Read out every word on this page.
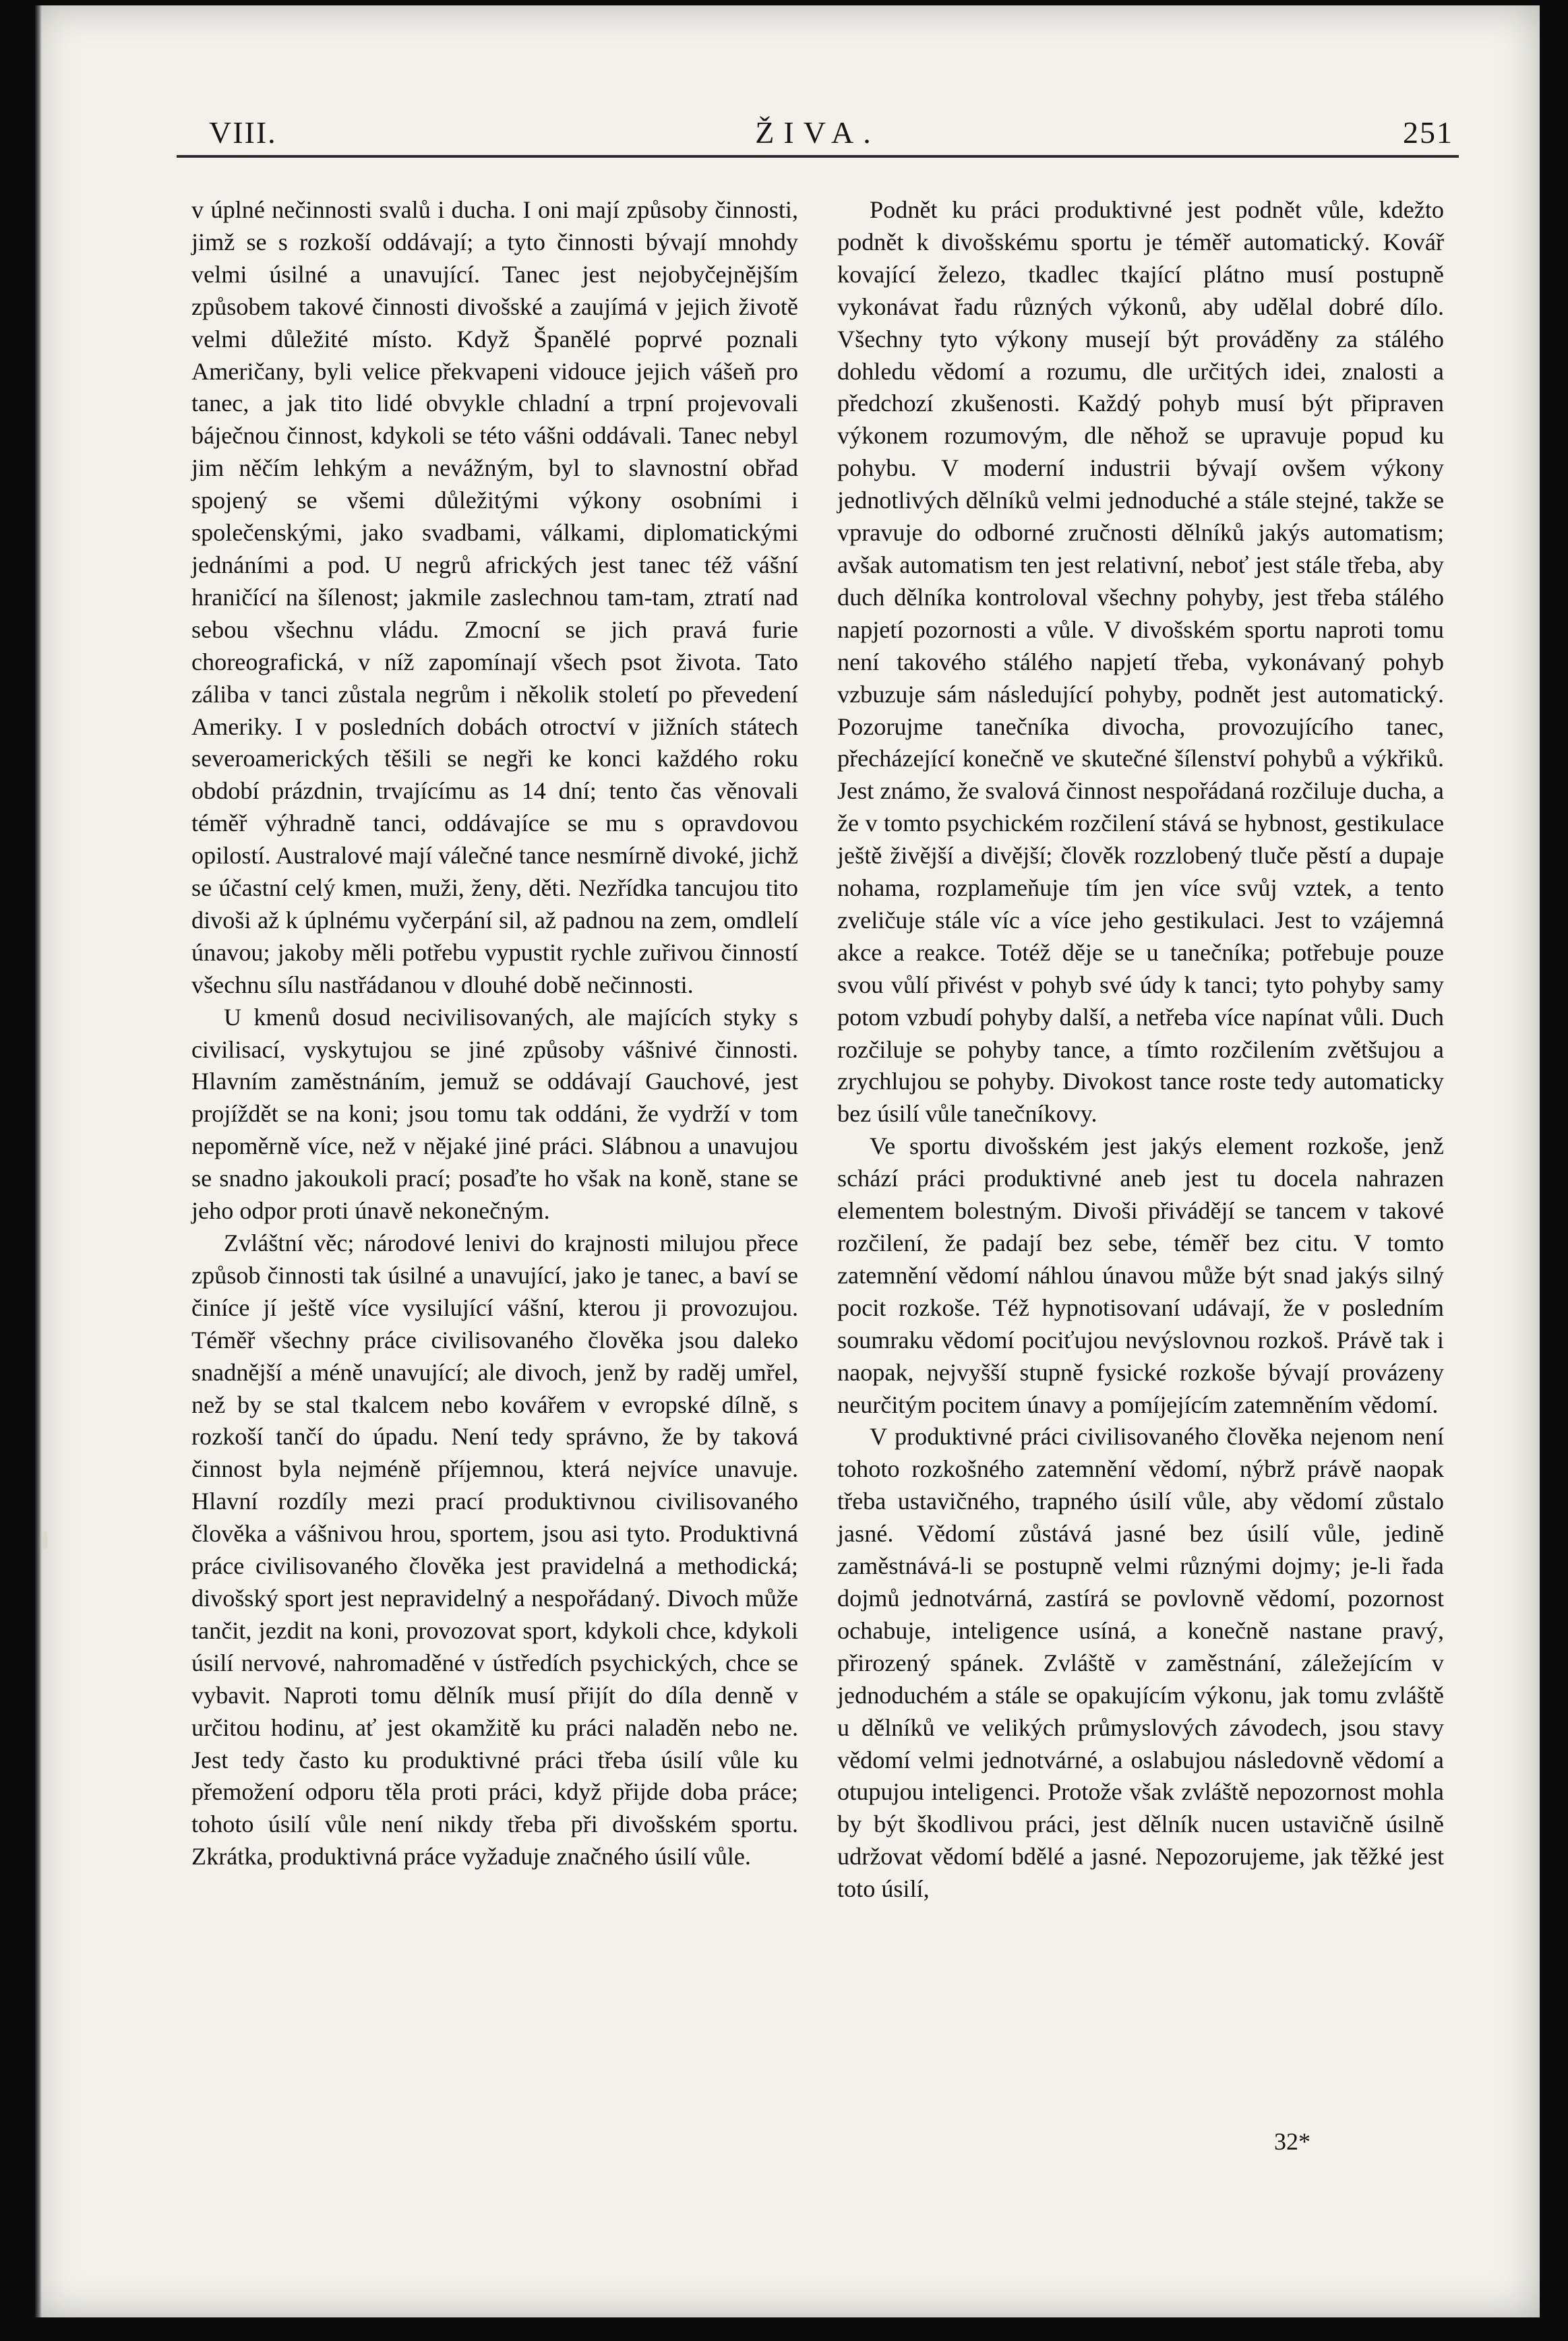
VIII.	ŽIVA.	251

v úplné nečinnosti svalů i ducha. I oni mají způsoby činnosti, jimž se s rozkoší oddávají; a tyto činnosti bývají mnohdy velmi úsilné a unavující. Tanec jest nejobyčejnějším způsobem takové činnosti divošské a zaujímá v jejich životě velmi důležité místo. Když Španělé poprvé poznali Američany, byli velice překvapeni vidouce jejich vášeň pro tanec, a jak tito lidé obvykle chladní a trpní projevovali báječnou činnost, kdykoli se této vášni oddávali. Tanec nebyl jim něčím lehkým a nevážným, byl to slavnostní obřad spojený se všemi důležitými výkony osobními i společenskými, jako svadbami, válkami, diplomatickými jednáními a pod. U negrů afrických jest tanec též vášní hraničící na šílenost; jakmile zaslechnou tam-tam, ztratí nad sebou všechnu vládu. Zmocní se jich pravá furie choreografická, v níž zapomínají všech psot života. Tato záliba v tanci zůstala negrům i několik století po převedení Ameriky. I v posledních dobách otroctví v jižních státech severoamerických těšili se negři ke konci každého roku období prázdnin, trvajícímu as 14 dní; tento čas věnovali téměř výhradně tanci, oddávajíce se mu s opravdovou opilostí. Australové mají válečné tance nesmírně divoké, jichž se účastní celý kmen, muži, ženy, děti. Nezřídka tancujou tito divoši až k úplnému vyčerpání sil, až padnou na zem, omdlelí únavou; jakoby měli potřebu vypustit rychle zuřivou činností všechnu sílu nastřádanou v dlouhé době nečinnosti.

U kmenů dosud necivilisovaných, ale majících styky s civilisací, vyskytujou se jiné způsoby vášnivé činnosti. Hlavním zaměstnáním, jemuž se oddávají Gauchové, jest projíždět se na koni; jsou tomu tak oddáni, že vydrží v tom nepoměrně více, než v nějaké jiné práci. Slábnou a unavujou se snadno jakoukoli prací; posaďte ho však na koně, stane se jeho odpor proti únavě nekonečným.

Zvláštní věc; národové lenivi do krajnosti milujou přece způsob činnosti tak úsilné a unavující, jako je tanec, a baví se činíce jí ještě více vysilující vášní, kterou ji provozujou. Téměř všechny práce civilisovaného člověka jsou daleko snadnější a méně unavující; ale divoch, jenž by raděj umřel, než by se stal tkalcem nebo kovářem v evropské dílně, s rozkoší tančí do úpadu. Není tedy správno, že by taková činnost byla nejméně příjemnou, která nejvíce unavuje. Hlavní rozdíly mezi prací produktivnou civilisovaného člověka a vášnivou hrou, sportem, jsou asi tyto. Produktivná práce civilisovaného člověka jest pravidelná a methodická; divošský sport jest nepravidelný a nespořádaný. Divoch může tančit, jezdit na koni, provozovat sport, kdykoli chce, kdykoli úsilí nervové, nahromaděné v ústředích psychických, chce se vybavit. Naproti tomu dělník musí přijít do díla denně v určitou hodinu, ať jest okamžitě ku práci naladěn nebo ne. Jest tedy často ku produktivné práci třeba úsilí vůle ku přemožení odporu těla proti práci, když přijde doba práce; tohoto úsilí vůle není nikdy třeba při divošském sportu. Zkrátka, produktivná práce vyžaduje značného úsilí vůle.

Podnět ku práci produktivné jest podnět vůle, kdežto podnět k divošskému sportu je téměř automatický. Kovář kovající železo, tkadlec tkající plátno musí postupně vykonávat řadu různých výkonů, aby udělal dobré dílo. Všechny tyto výkony musejí být prováděny za stálého dohledu vědomí a rozumu, dle určitých idei, znalosti a předchozí zkušenosti. Každý pohyb musí být připraven výkonem rozumovým, dle něhož se upravuje popud ku pohybu. V moderní industrii bývají ovšem výkony jednotlivých dělníků velmi jednoduché a stále stejné, takže se vpravuje do odborné zručnosti dělníků jakýs automatism; avšak automatism ten jest relativní, neboť jest stále třeba, aby duch dělníka kontroloval všechny pohyby, jest třeba stálého napjetí pozornosti a vůle. V divošském sportu naproti tomu není takového stálého napjetí třeba, vykonávaný pohyb vzbuzuje sám následující pohyby, podnět jest automatický. Pozorujme tanečníka divocha, provozujícího tanec, přecházející konečně ve skutečné šílenství pohybů a výkřiků. Jest známo, že svalová činnost nespořádaná rozčiluje ducha, a že v tomto psychickém rozčilení stává se hybnost, gestikulace ještě živější a divější; člověk rozzlobený tluče pěstí a dupaje nohama, rozplameňuje tím jen více svůj vztek, a tento zveličuje stále víc a více jeho gestikulaci. Jest to vzájemná akce a reakce. Totéž děje se u tanečníka; potřebuje pouze svou vůlí přivést v pohyb své údy k tanci; tyto pohyby samy potom vzbudí pohyby další, a netřeba více napínat vůli. Duch rozčiluje se pohyby tance, a tímto rozčilením zvětšujou a zrychlujou se pohyby. Divokost tance roste tedy automaticky bez úsilí vůle tanečníkovy.

Ve sportu divošském jest jakýs element rozkoše, jenž schází práci produktivné aneb jest tu docela nahrazen elementem bolestným. Divoši přivádějí se tancem v takové rozčilení, že padají bez sebe, téměř bez citu. V tomto zatemnění vědomí náhlou únavou může být snad jakýs silný pocit rozkoše. Též hypnotisovaní udávají, že v posledním soumraku vědomí pociťujou nevýslovnou rozkoš. Právě tak i naopak, nejvyšší stupně fysické rozkoše bývají provázeny neurčitým pocitem únavy a pomíjejícím zatemněním vědomí.

V produktivné práci civilisovaného člověka nejenom není tohoto rozkošného zatemnění vědomí, nýbrž právě naopak třeba ustavičného, trapného úsilí vůle, aby vědomí zůstalo jasné. Vědomí zůstává jasné bez úsilí vůle, jedině zaměstnává-li se postupně velmi různými dojmy; je-li řada dojmů jednotvárná, zastírá se povlovně vědomí, pozornost ochabuje, inteligence usíná, a konečně nastane pravý, přirozený spánek. Zvláště v zaměstnání, záležejícím v jednoduchém a stále se opakujícím výkonu, jak tomu zvláště u dělníků ve velikých průmyslových závodech, jsou stavy vědomí velmi jednotvárné, a oslabujou následovně vědomí a otupujou inteligenci. Protože však zvláště nepozornost mohla by být škodlivou práci, jest dělník nucen ustavičně úsilně udržovat vědomí bdělé a jasné. Nepozorujeme, jak těžké jest toto úsilí,

32*
